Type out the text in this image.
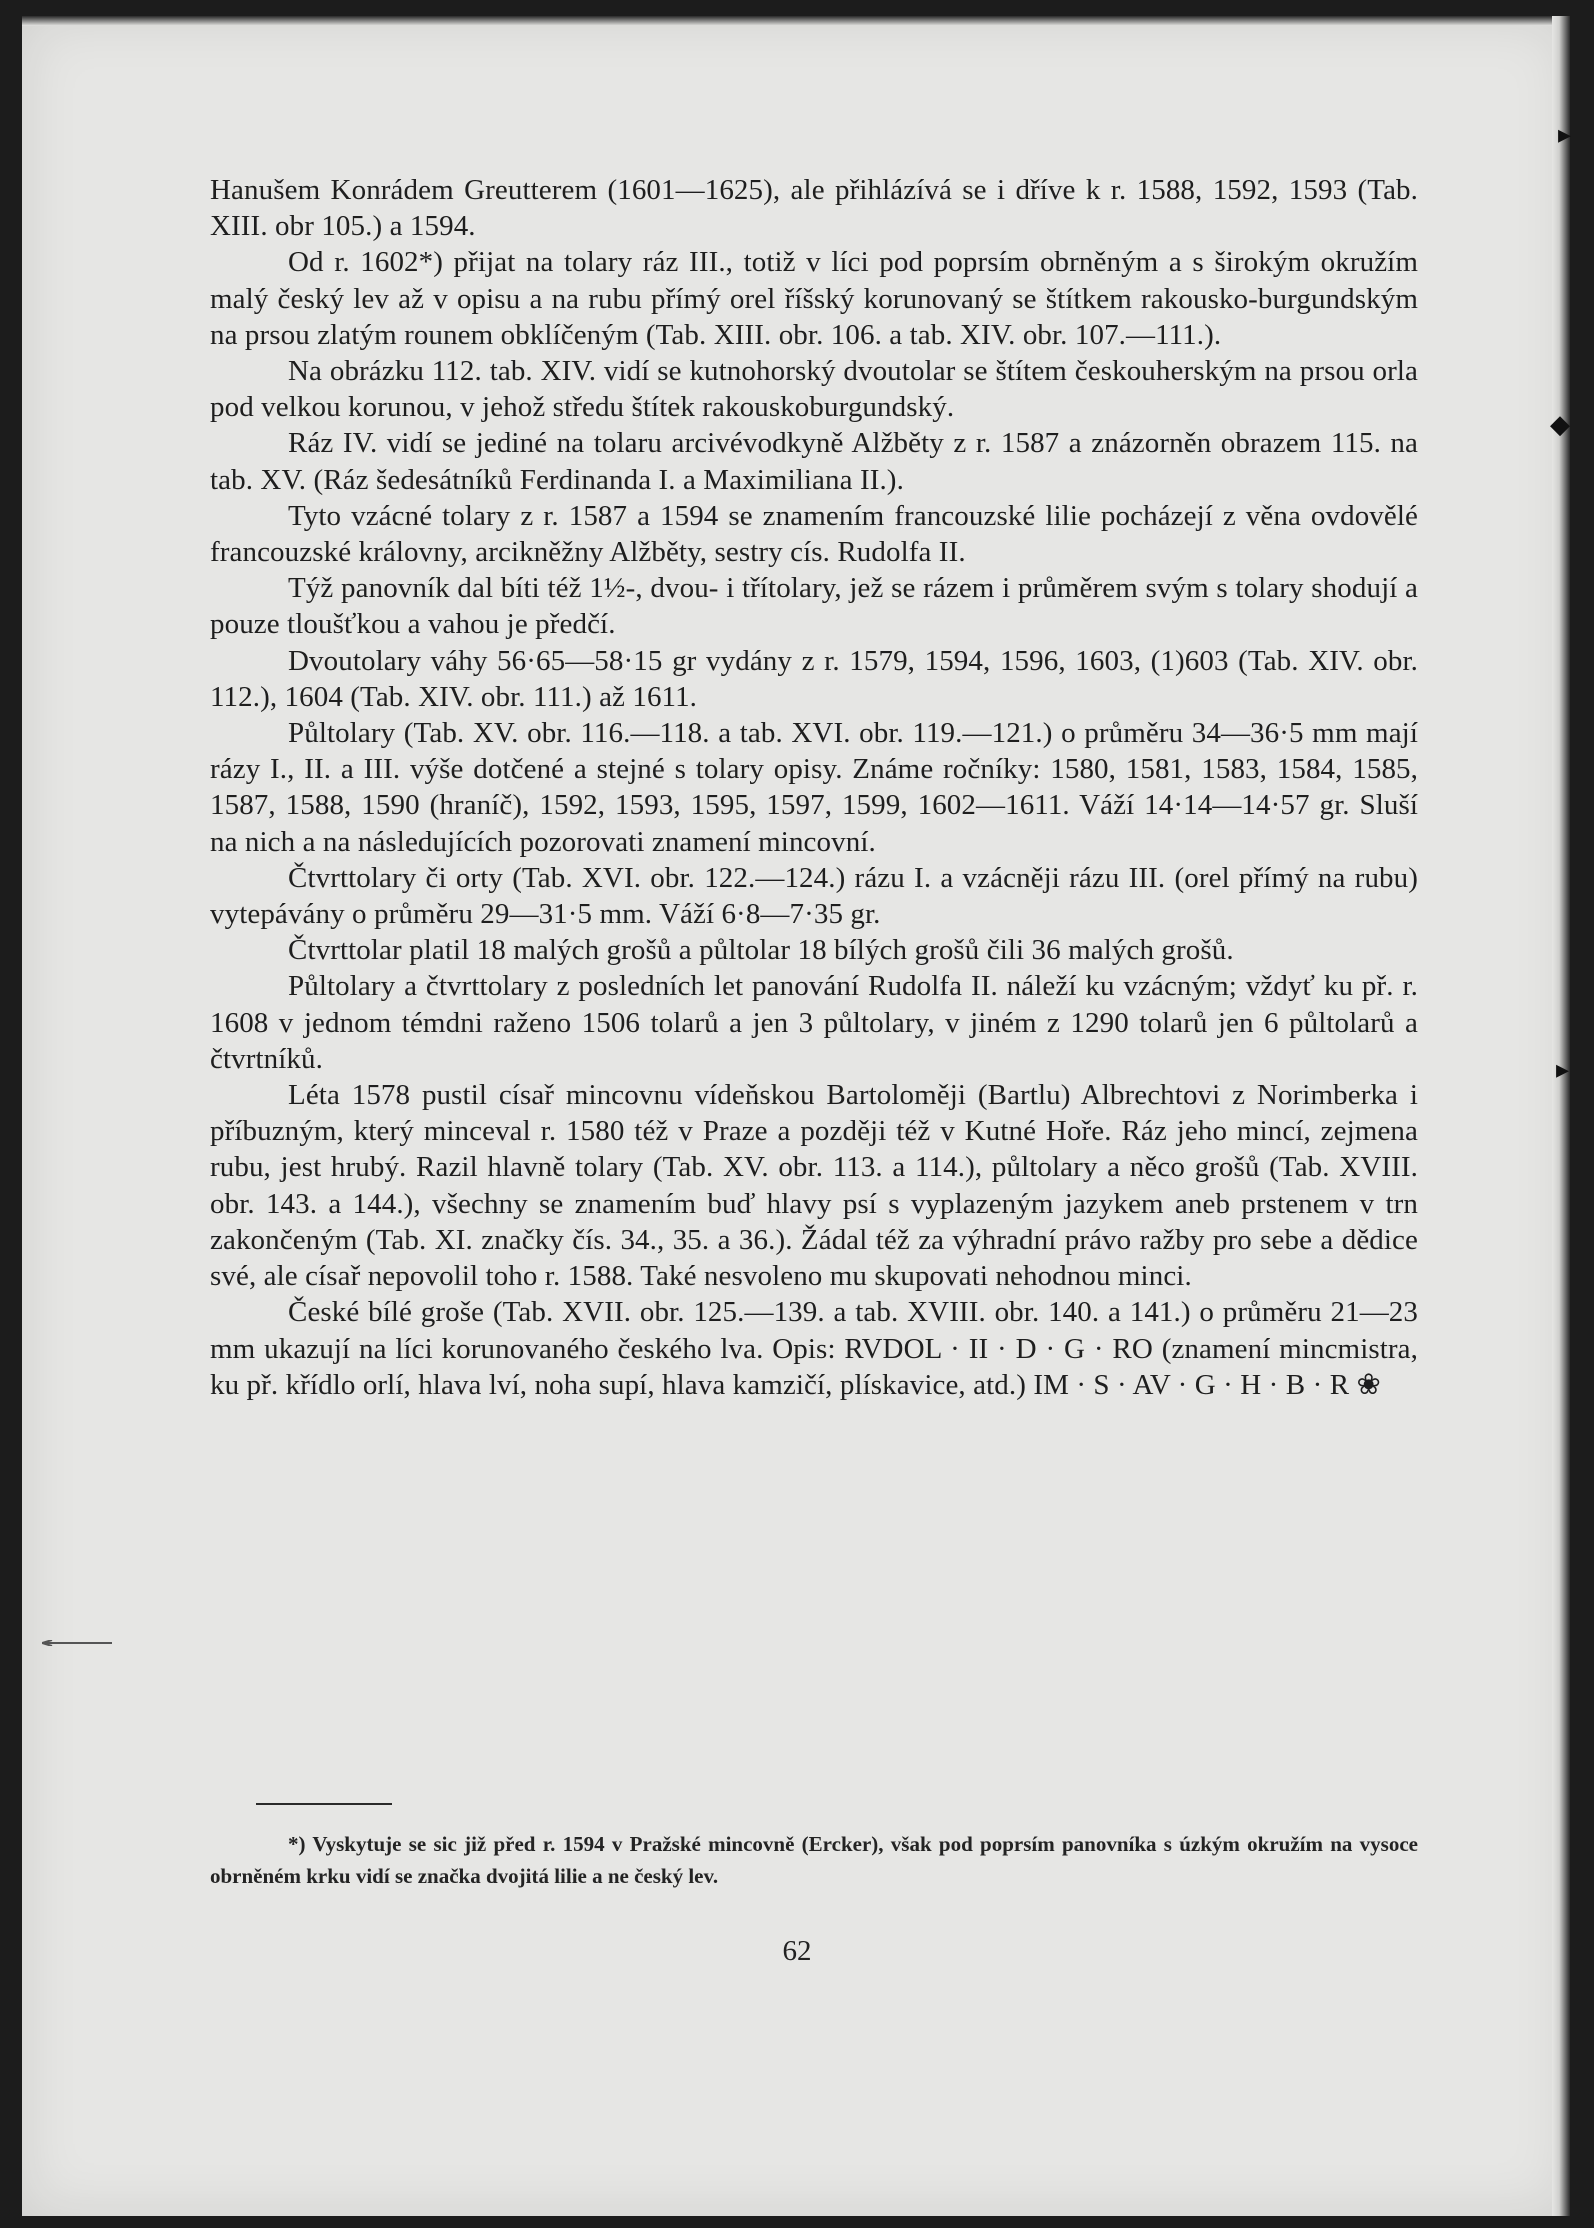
Hanušem Konrádem Greutterem (1601—1625), ale přihlázívá se i dříve k r. 1588, 1592, 1593 (Tab. XIII. obr 105.) a 1594.

Od r. 1602*) přijat na tolary ráz III., totiž v líci pod poprsím obrněným a s širokým okružím malý český lev až v opisu a na rubu přímý orel říšský korunovaný se štítkem rakousko-burgundským na prsou zlatým rounem obklíčeným (Tab. XIII. obr. 106. a tab. XIV. obr. 107.—111.).

Na obrázku 112. tab. XIV. vidí se kutnohorský dvoutolar se štítem českouherským na prsou orla pod velkou korunou, v jehož středu štítek rakouskoburgundský.

Ráz IV. vidí se jediné na tolaru arcivévodkyně Alžběty z r. 1587 a znázorněn obrazem 115. na tab. XV. (Ráz šedesátníků Ferdinanda I. a Maximiliana II.).

Tyto vzácné tolary z r. 1587 a 1594 se znamením francouzské lilie pocházejí z věna ovdovělé francouzské královny, arcikněžny Alžběty, sestry cís. Rudolfa II.

Týž panovník dal bíti též 1½-, dvou- i třítolary, jež se rázem i průměrem svým s tolary shodují a pouze tloušťkou a vahou je předčí.

Dvoutolary váhy 56·65—58·15 gr vydány z r. 1579, 1594, 1596, 1603, (1)603 (Tab. XIV. obr. 112.), 1604 (Tab. XIV. obr. 111.) až 1611.

Půltolary (Tab. XV. obr. 116.—118. a tab. XVI. obr. 119.—121.) o průměru 34—36·5 mm mají rázy I., II. a III. výše dotčené a stejné s tolary opisy. Známe ročníky: 1580, 1581, 1583, 1584, 1585, 1587, 1588, 1590 (hraníč), 1592, 1593, 1595, 1597, 1599, 1602—1611. Váží 14·14—14·57 gr. Sluší na nich a na následujících pozorovati znamení mincovní.

Čtvrttolary či orty (Tab. XVI. obr. 122.—124.) rázu I. a vzácněji rázu III. (orel přímý na rubu) vytepávány o průměru 29—31·5 mm. Váží 6·8—7·35 gr.

Čtvrttolar platil 18 malých grošů a půltolar 18 bílých grošů čili 36 malých grošů.

Půltolary a čtvrttolary z posledních let panování Rudolfa II. náleží ku vzácným; vždyť ku př. r. 1608 v jednom témdni raženo 1506 tolarů a jen 3 půltolary, v jiném z 1290 tolarů jen 6 půltolarů a čtvrtníků.

Léta 1578 pustil císař mincovnu vídeňskou Bartoloměji (Bartlu) Albrechtovi z Norimberka i příbuzným, který minceval r. 1580 též v Praze a později též v Kutné Hoře. Ráz jeho mincí, zejmena rubu, jest hrubý. Razil hlavně tolary (Tab. XV. obr. 113. a 114.), půltolary a něco grošů (Tab. XVIII. obr. 143. a 144.), všechny se znamením buď hlavy psí s vyplazeným jazykem aneb prstenem v trn zakončeným (Tab. XI. značky čís. 34., 35. a 36.). Žádal též za výhradní právo ražby pro sebe a dědice své, ale císař nepovolil toho r. 1588. Také nesvoleno mu skupovati nehodnou minci.

České bílé groše (Tab. XVII. obr. 125.—139. a tab. XVIII. obr. 140. a 141.) o průměru 21—23 mm ukazují na líci korunovaného českého lva. Opis: RVDOL · II · D · G · RO (znamení mincmistra, ku př. křídlo orlí, hlava lví, noha supí, hlava kamzičí, plískavice, atd.) IM · S · AV · G · H · B · R ❀

*) Vyskytuje se sic již před r. 1594 v Pražské mincovně (Ercker), však pod poprsím panovníka s úzkým okružím na vysoce obrněném krku vidí se značka dvojitá lilie a ne český lev.

62
▸
◆
▸
